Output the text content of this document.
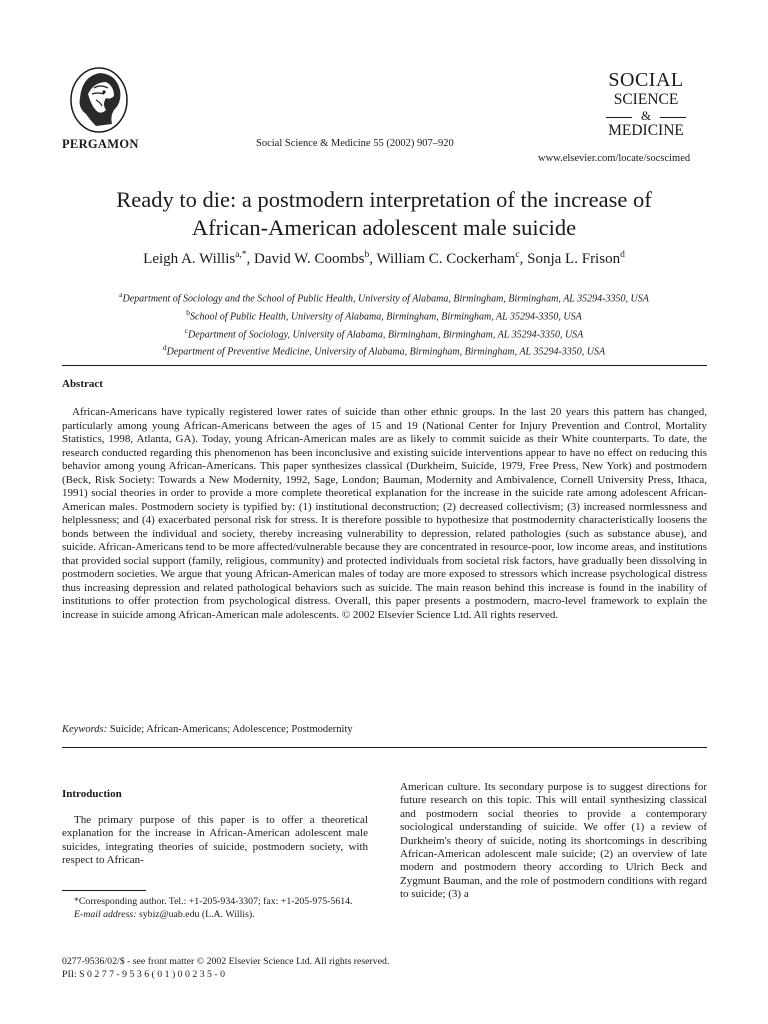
PERGAMON	Social Science & Medicine 55 (2002) 907–920
SOCIAL
SCIENCE
&
MEDICINE
www.elsevier.com/locate/socscimed
Ready to die: a postmodern interpretation of the increase of
African-American adolescent male suicide
Leigh A. Willis$^{a,*}$, David W. Coombs$^b$, William C. Cockerham$^c$, Sonja L. Frison$^d$
$^a$Department of Sociology and the School of Public Health, University of Alabama, Birmingham, Birmingham, AL 35294-3350, USA
$^b$School of Public Health, University of Alabama, Birmingham, Birmingham, AL 35294-3350, USA
$^c$Department of Sociology, University of Alabama, Birmingham, Birmingham, AL 35294-3350, USA
$^d$Department of Preventive Medicine, University of Alabama, Birmingham, Birmingham, AL 35294-3350, USA
Abstract
African-Americans have typically registered lower rates of suicide than other ethnic groups. In the last 20 years this pattern has changed, particularly among young African-Americans between the ages of 15 and 19 (National Center for Injury Prevention and Control, Mortality Statistics, 1998, Atlanta, GA). Today, young African-American males are as likely to commit suicide as their White counterparts. To date, the research conducted regarding this phenomenon has been inconclusive and existing suicide interventions appear to have no effect on reducing this behavior among young African-Americans. This paper synthesizes classical (Durkheim, Suicide, 1979, Free Press, New York) and postmodern (Beck, Risk Society: Towards a New Modernity, 1992, Sage, London; Bauman, Modernity and Ambivalence, Cornell University Press, Ithaca, 1991) social theories in order to provide a more complete theoretical explanation for the increase in the suicide rate among adolescent African-American males. Postmodern society is typified by: (1) institutional deconstruction; (2) decreased collectivism; (3) increased normlessness and helplessness; and (4) exacerbated personal risk for stress. It is therefore possible to hypothesize that postmodernity characteristically loosens the bonds between the individual and society, thereby increasing vulnerability to depression, related pathologies (such as substance abuse), and suicide. African-Americans tend to be more affected/vulnerable because they are concentrated in resource-poor, low income areas, and institutions that provided social support (family, religious, community) and protected individuals from societal risk factors, have gradually been dissolving in postmodern societies. We argue that young African-American males of today are more exposed to stressors which increase psychological distress thus increasing depression and related pathological behaviors such as suicide. The main reason behind this increase is found in the inability of institutions to offer protection from psychological distress. Overall, this paper presents a postmodern, macro-level framework to explain the increase in suicide among African-American male adolescents. © 2002 Elsevier Science Ltd. All rights reserved.
Keywords: Suicide; African-Americans; Adolescence; Postmodernity
Introduction

The primary purpose of this paper is to offer a theoretical explanation for the increase in African-American adolescent male suicides, integrating theories of suicide, postmodern society, with respect to African-

American culture. Its secondary purpose is to suggest directions for future research on this topic. This will entail synthesizing classical and postmodern social theories to provide a contemporary sociological understanding of suicide. We offer (1) a review of Durkheim's theory of suicide, noting its shortcomings in describing African-American adolescent male suicide; (2) an overview of late modern and postmodern theory according to Ulrich Beck and Zygmunt Bauman, and the role of postmodern conditions with regard to suicide; (3) a

*Corresponding author. Tel.: +1-205-934-3307; fax: +1-205-975-5614.
E-mail address: sybiz@uab.edu (L.A. Willis).
0277-9536/02/$ - see front matter © 2002 Elsevier Science Ltd. All rights reserved.
PII: S 0 2 7 7 - 9 5 3 6 ( 0 1 ) 0 0 2 3 5 - 0
